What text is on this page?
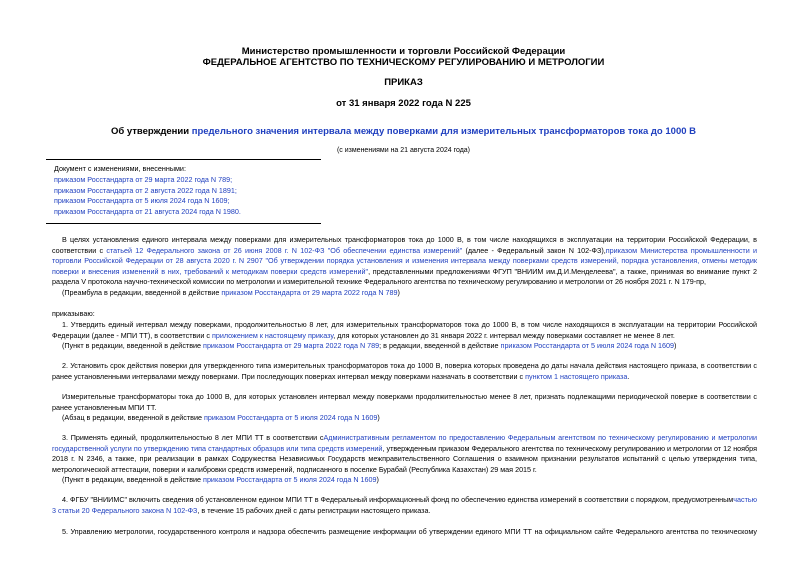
Министерство промышленности и торговли Российской Федерации
ФЕДЕРАЛЬНОЕ АГЕНТСТВО ПО ТЕХНИЧЕСКОМУ РЕГУЛИРОВАНИЮ И МЕТРОЛОГИИ
ПРИКАЗ
от 31 января 2022 года N 225
Об утверждении предельного значения интервала между поверками для измерительных трансформаторов тока до 1000 В
(с изменениями на 21 августа 2024 года)
Документ с изменениями, внесенными:
приказом Росстандарта от 29 марта 2022 года N 789;
приказом Росстандарта от 2 августа 2022 года N 1891;
приказом Росстандарта от 5 июля 2024 года N 1609;
приказом Росстандарта от 21 августа 2024 года N 1980.
В целях установления единого интервала между поверками для измерительных трансформаторов тока до 1000 В, в том числе находящихся в эксплуатации на территории Российской Федерации, в соответствии с статьей 12 Федерального закона от 26 июня 2008 г. N 102-ФЗ "Об обеспечении единства измерений" (далее - Федеральный закон N 102-ФЗ),приказом Министерства промышленности и торговли Российской Федерации от 28 августа 2020 г. N 2907 "Об утверждении порядка установления и изменения интервала между поверками средств измерений, порядка установления, отмены методик поверки и внесения изменений в них, требований к методикам поверки средств измерений", представленными предложениями ФГУП "ВНИИМ им.Д.И.Менделеева", а также, принимая во внимание пункт 2 раздела V протокола научно-технической комиссии по метрологии и измерительной технике Федерального агентства по техническому регулированию и метрологии от 26 ноября 2021 г. N 179-пр,
(Преамбула в редакции, введенной в действие приказом Росстандарта от 29 марта 2022 года N 789)
приказываю:
1. Утвердить единый интервал между поверками, продолжительностью 8 лет, для измерительных трансформаторов тока до 1000 В, в том числе находящихся в эксплуатации на территории Российской Федерации (далее - МПИ ТТ), в соответствии с приложением к настоящему приказу, для которых установлен до 31 января 2022 г. интервал между поверками составляет не менее 8 лет.
(Пункт в редакции, введенной в действие приказом Росстандарта от 29 марта 2022 года N 789; в редакции, введенной в действие приказом Росстандарта от 5 июля 2024 года N 1609)
2. Установить срок действия поверки для утвержденного типа измерительных трансформаторов тока до 1000 В, поверка которых проведена до даты начала действия настоящего приказа, в соответствии с ранее установленными интервалами между поверками. При последующих поверках интервал между поверками назначать в соответствии с пунктом 1 настоящего приказа.
Измерительные трансформаторы тока до 1000 В, для которых установлен интервал между поверками продолжительностью менее 8 лет, признать подлежащими периодической поверке в соответствии с ранее установленным МПИ ТТ.
(Абзац в редакции, введенной в действие приказом Росстандарта от 5 июля 2024 года N 1609)
3. Применять единый, продолжительностью 8 лет МПИ ТТ в соответствии сАдминистративным регламентом по предоставлению Федеральным агентством по техническому регулированию и метрологии государственной услуги по утверждению типа стандартных образцов или типа средств измерений, утвержденным приказом Федерального агентства по техническому регулированию и метрологии от 12 ноября 2018 г. N 2346, а также, при реализации в рамках Содружества Независимых Государств межправительственного Соглашения о взаимном признании результатов испытаний с целью утверждения типа, метрологической аттестации, поверки и калибровки средств измерений, подписанного в поселке Бурабай (Республика Казахстан) 29 мая 2015 г.
(Пункт в редакции, введенной в действие приказом Росстандарта от 5 июля 2024 года N 1609)
4. ФГБУ "ВНИИМС" включить сведения об установленном едином МПИ ТТ в Федеральный информационный фонд по обеспечению единства измерений в соответствии с порядком, предусмотреннымчастью 3 статьи 20 Федерального закона N 102-ФЗ, в течение 15 рабочих дней с даты регистрации настоящего приказа.
5. Управлению метрологии, государственного контроля и надзора обеспечить размещение информации об утверждении единого МПИ ТТ на официальном сайте Федерального агентства по техническому
